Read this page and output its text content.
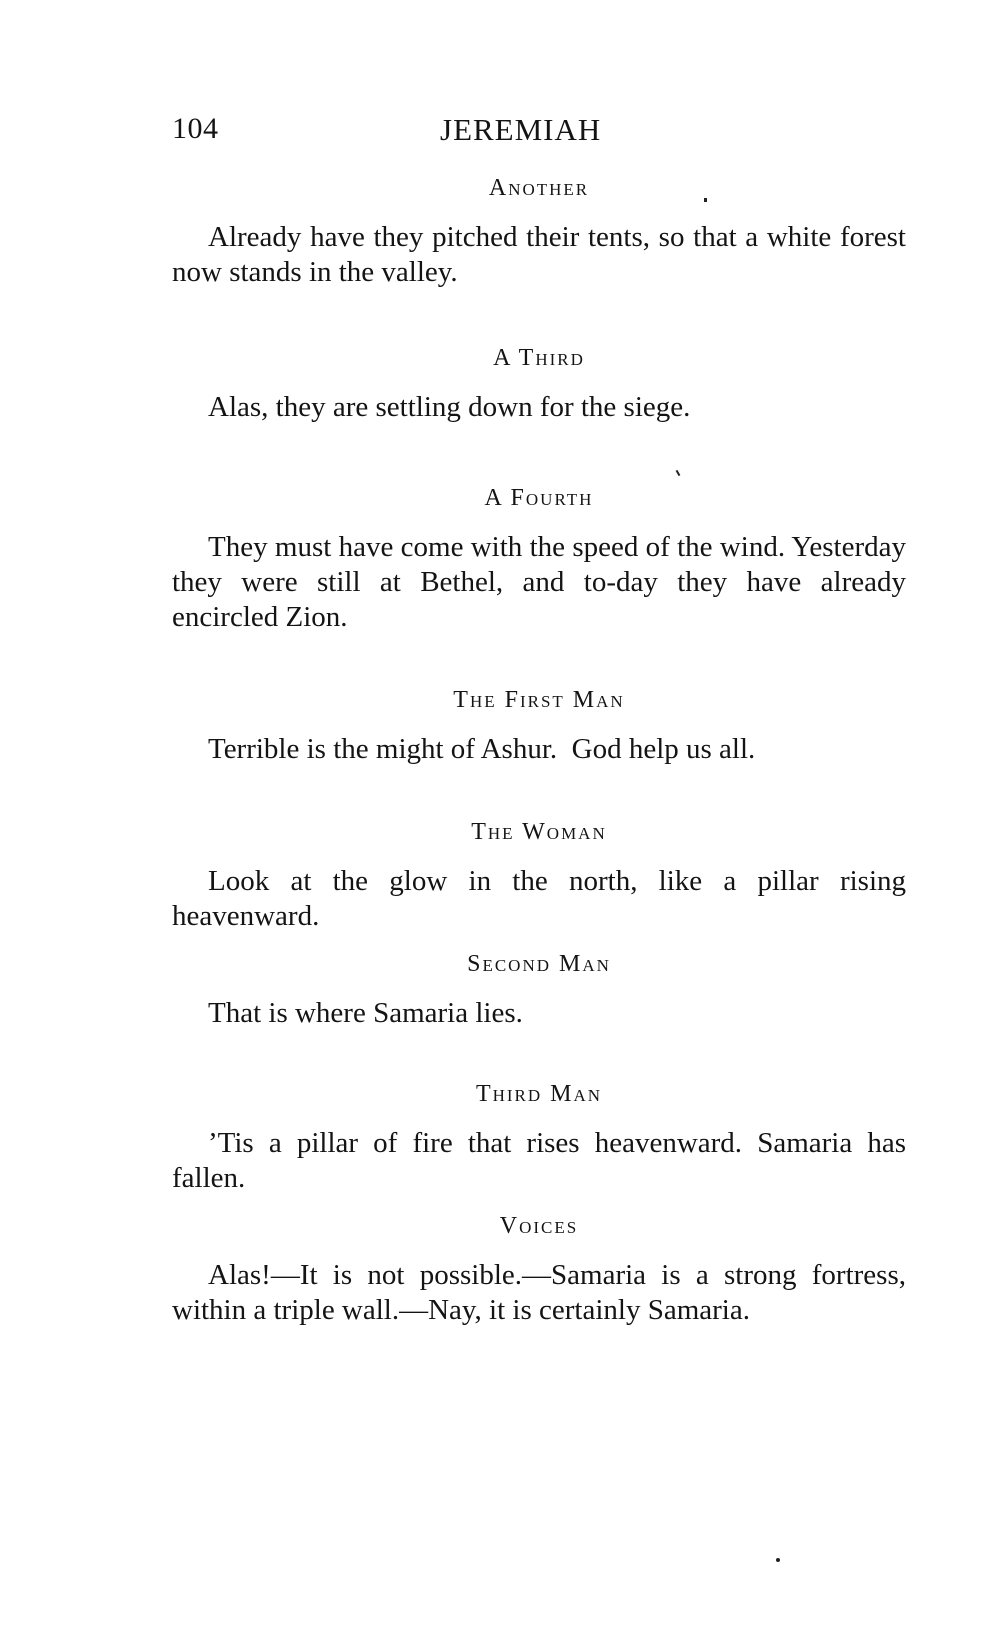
104	JEREMIAH
Another

Already have they pitched their tents, so that a white forest now stands in the valley.

A Third

Alas, they are settling down for the siege.

A Fourth

They must have come with the speed of the wind. Yesterday they were still at Bethel, and to-day they have already encircled Zion.

The First Man

Terrible is the might of Ashur.  God help us all.

The Woman

Look at the glow in the north, like a pillar rising heavenward.

Second Man

That is where Samaria lies.

Third Man

’Tis a pillar of fire that rises heavenward. Samaria has fallen.

Voices

Alas!—It is not possible.—Samaria is a strong fortress, within a triple wall.—Nay, it is certainly Samaria.
